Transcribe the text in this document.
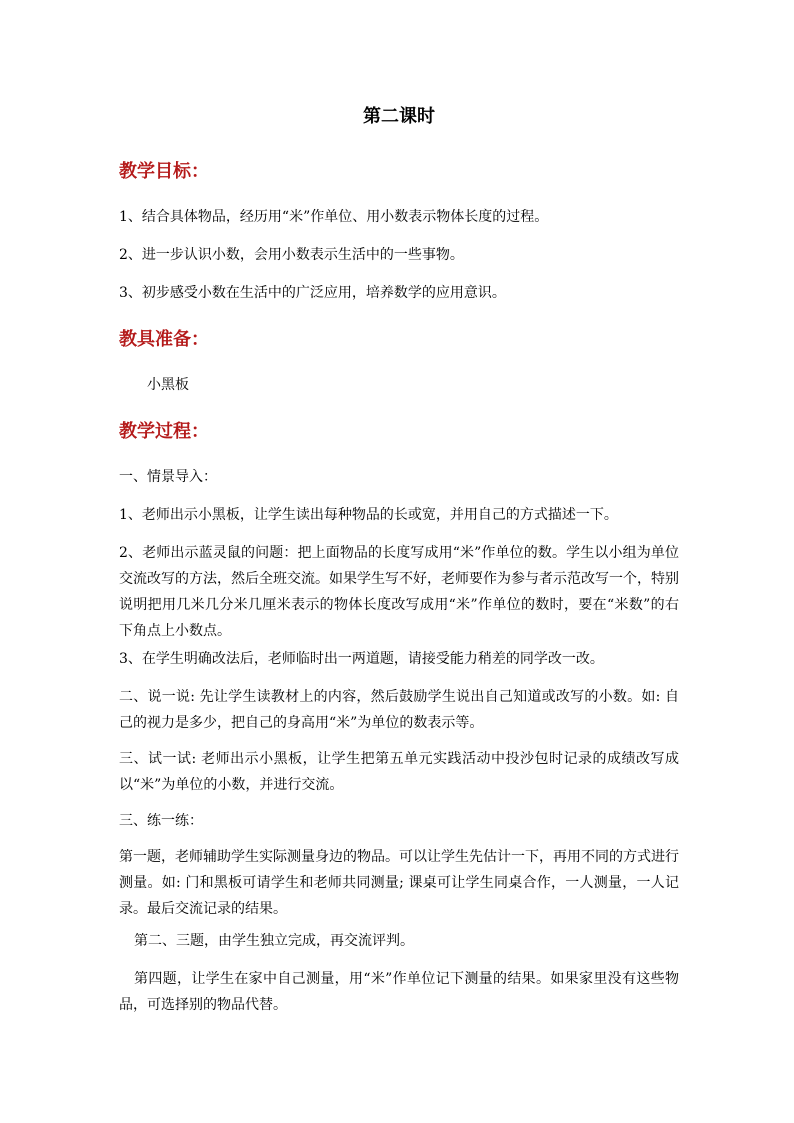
第二课时
教学目标：
1、结合具体物品，经历用“米”作单位、用小数表示物体长度的过程。
2、进一步认识小数，会用小数表示生活中的一些事物。
3、初步感受小数在生活中的广泛应用，培养数学的应用意识。
教具准备：
小黑板
教学过程：
一、情景导入：
1、老师出示小黑板，让学生读出每种物品的长或宽，并用自己的方式描述一下。
2、老师出示蓝灵鼠的问题：把上面物品的长度写成用“米”作单位的数。学生以小组为单位交流改写的方法，然后全班交流。如果学生写不好，老师要作为参与者示范改写一个，特别说明把用几米几分米几厘米表示的物体长度改写成用“米”作单位的数时，要在“米数”的右下角点上小数点。
3、在学生明确改法后，老师临时出一两道题，请接受能力稍差的同学改一改。
二、说一说: 先让学生读教材上的内容，然后鼓励学生说出自己知道或改写的小数。如: 自己的视力是多少，把自己的身高用“米”为单位的数表示等。
三、试一试: 老师出示小黑板，让学生把第五单元实践活动中投沙包时记录的成绩改写成以“米”为单位的小数，并进行交流。
三、练一练：
第一题，老师辅助学生实际测量身边的物品。可以让学生先估计一下，再用不同的方式进行测量。如: 门和黑板可请学生和老师共同测量; 课桌可让学生同桌合作，一人测量，一人记录。最后交流记录的结果。
第二、三题，由学生独立完成，再交流评判。
第四题，让学生在家中自己测量，用“米”作单位记下测量的结果。如果家里没有这些物品，可选择别的物品代替。
